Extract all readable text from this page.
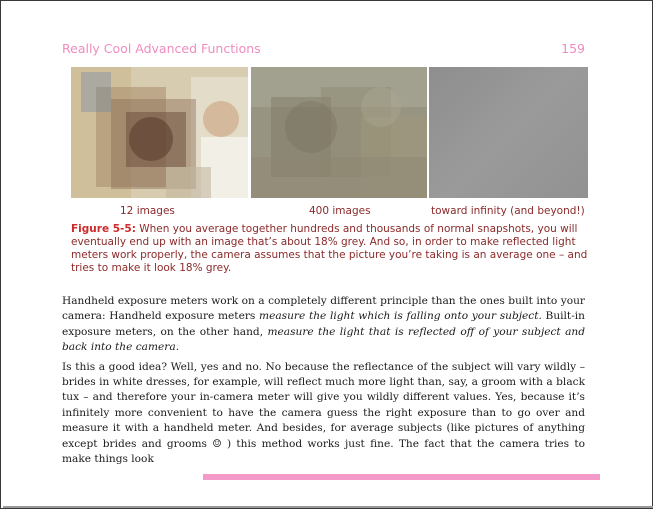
Really Cool Advanced Functions	159
12 images	400 images	toward infinity (and beyond!)
Figure 5-5: When you average together hundreds and thousands of normal snapshots, you will eventually end up with an image that’s about 18% grey. And so, in order to make reflected light meters work properly, the camera assumes that the picture you’re taking is an average one – and tries to make it look 18% grey.

Handheld exposure meters work on a completely different principle than the ones built into your camera: Handheld exposure meters measure the light which is falling onto your subject. Built-in exposure meters, on the other hand, measure the light that is reflected off of your subject and back into the camera.

Is this a good idea? Well, yes and no. No because the reflectance of the subject will vary wildly – brides in white dresses, for example, will reflect much more light than, say, a groom with a black tux – and therefore your in-camera meter will give you wildly different values. Yes, because it’s infinitely more convenient to have the camera guess the right exposure than to go over and measure it with a handheld meter. And besides, for average subjects (like pictures of anything except brides and grooms ☺ ) this method works just fine. The fact that the camera tries to make things look
